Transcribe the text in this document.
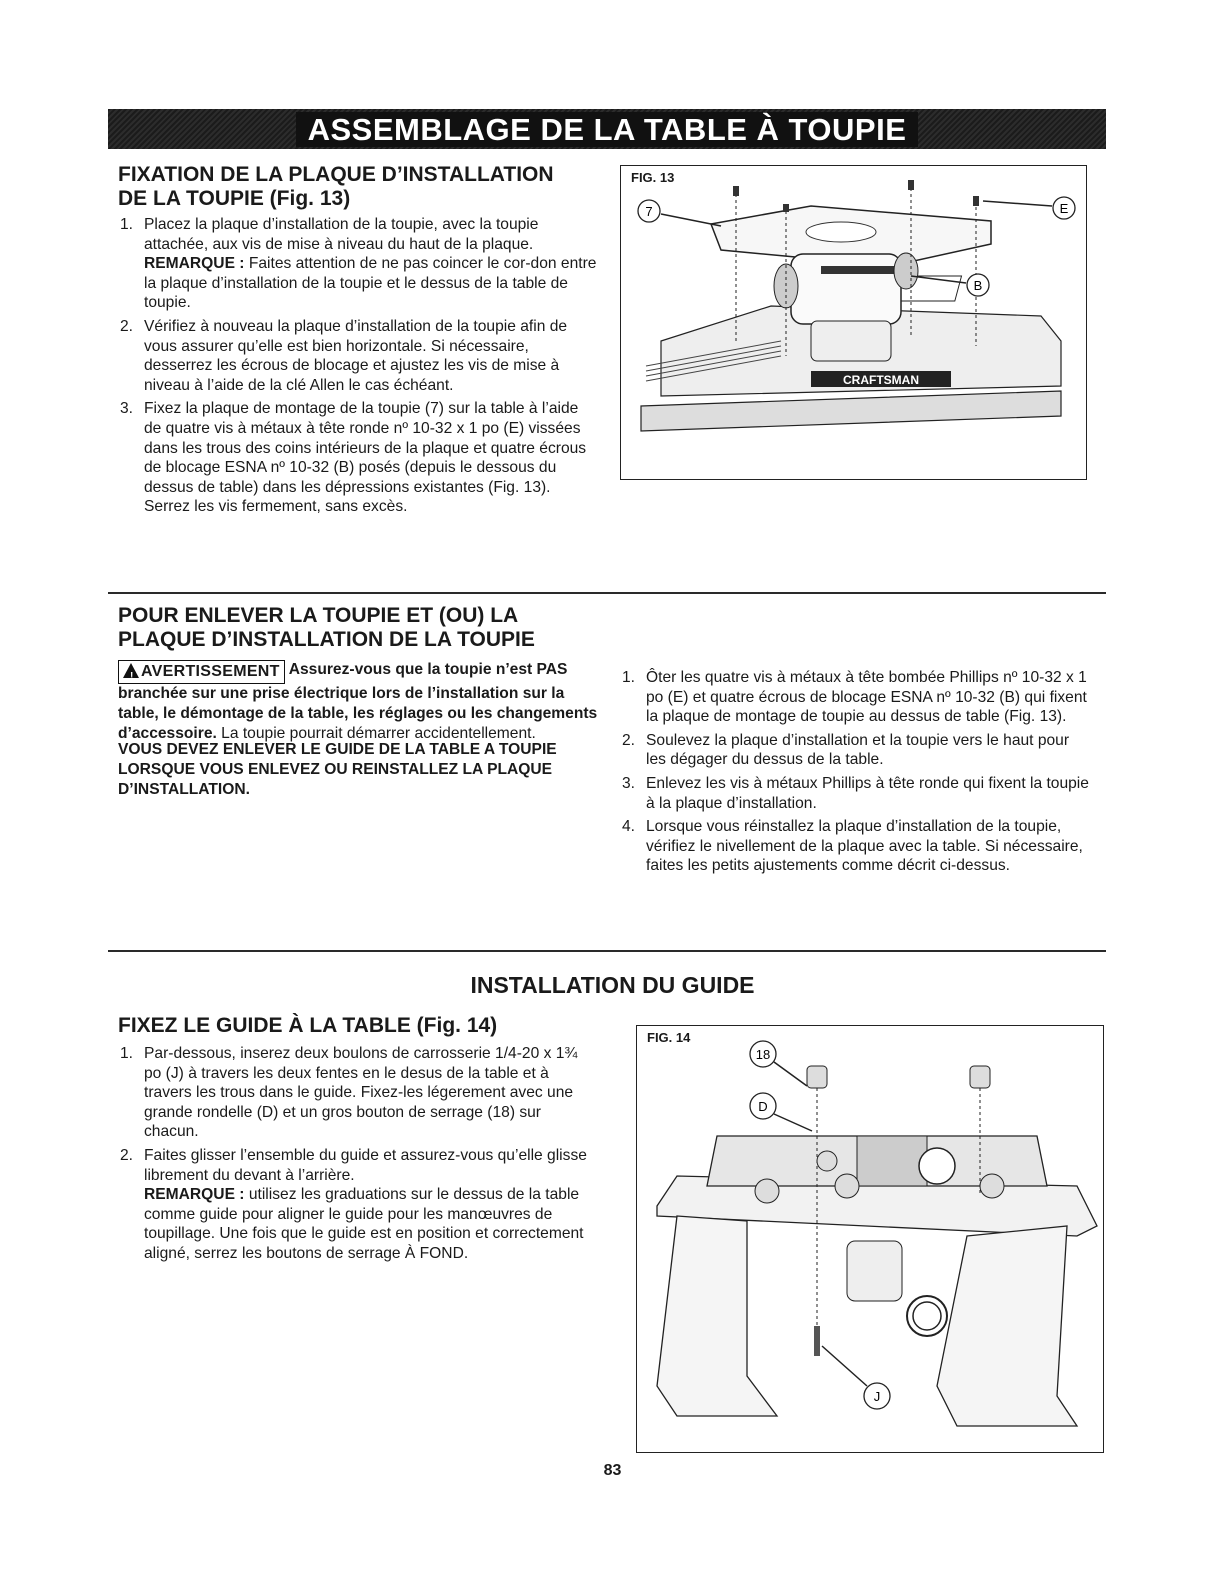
ASSEMBLAGE DE LA TABLE À TOUPIE
FIXATION DE LA PLAQUE D’INSTALLATION
DE LA TOUPIE (Fig. 13)
1. Placez la plaque d’installation de la toupie, avec la toupie attachée, aux vis de mise à niveau du haut de la plaque. REMARQUE : Faites attention de ne pas coincer le cor-don entre la plaque d’installation de la toupie et le dessus de la table de toupie.
2. Vérifiez à nouveau la plaque d’installation de la toupie afin de vous assurer qu’elle est bien horizontale. Si nécessaire, desserrez les écrous de blocage et ajustez les vis de mise à niveau à l’aide de la clé Allen le cas échéant.
3. Fixez la plaque de montage de la toupie (7) sur la table à l’aide de quatre vis à métaux à tête ronde nº 10-32 x 1 po (E) vissées dans les trous des coins intérieurs de la plaque et quatre écrous de blocage ESNA nº 10-32 (B) posés (depuis le dessous du dessus de table) dans les dépressions existantes (Fig. 13). Serrez les vis fermement, sans excès.
FIG. 13
CRAFTSMAN
7	E
B
POUR ENLEVER LA TOUPIE ET (OU) LA
PLAQUE D’INSTALLATION DE LA TOUPIE
! AVERTISSEMENT Assurez-vous que la toupie n’est PAS branchée sur une prise électrique lors de l’installation sur la table, le démontage de la table, les réglages ou les changements d’accessoire. La toupie pourrait démarrer accidentellement.
VOUS DEVEZ ENLEVER LE GUIDE DE LA TABLE A TOUPIE LORSQUE VOUS ENLEVEZ OU REINSTALLEZ LA PLAQUE D’INSTALLATION.
1. Ôter les quatre vis à métaux à tête bombée Phillips nº 10-32 x 1 po (E) et quatre écrous de blocage ESNA nº 10-32 (B) qui fixent la plaque de montage de toupie au dessus de table (Fig. 13).
2. Soulevez la plaque d’installation et la toupie vers le haut pour les dégager du dessus de la table.
3. Enlevez les vis à métaux Phillips à tête ronde qui fixent la toupie à la plaque d’installation.
4. Lorsque vous réinstallez la plaque d’installation de la toupie, vérifiez le nivellement de la plaque avec la table. Si nécessaire, faites les petits ajustements comme décrit ci-dessus.
INSTALLATION DU GUIDE
FIXEZ LE GUIDE À LA TABLE (Fig. 14)
1. Par-dessous, inserez deux boulons de carrosserie 1/4-20 x 1¾ po (J) à travers les deux fentes en le desus de la table et à travers les trous dans le guide. Fixez-les légerement avec une grande rondelle (D) et un gros bouton de serrage (18) sur chacun.
2. Faites glisser l’ensemble du guide et assurez-vous qu’elle glisse librement du devant à l’arrière.
REMARQUE : utilisez les graduations sur le dessus de la table comme guide pour aligner le guide pour les manœuvres de toupillage. Une fois que le guide est en position et correctement aligné, serrez les boutons de serrage À FOND.
FIG. 14
18
D
J
83
